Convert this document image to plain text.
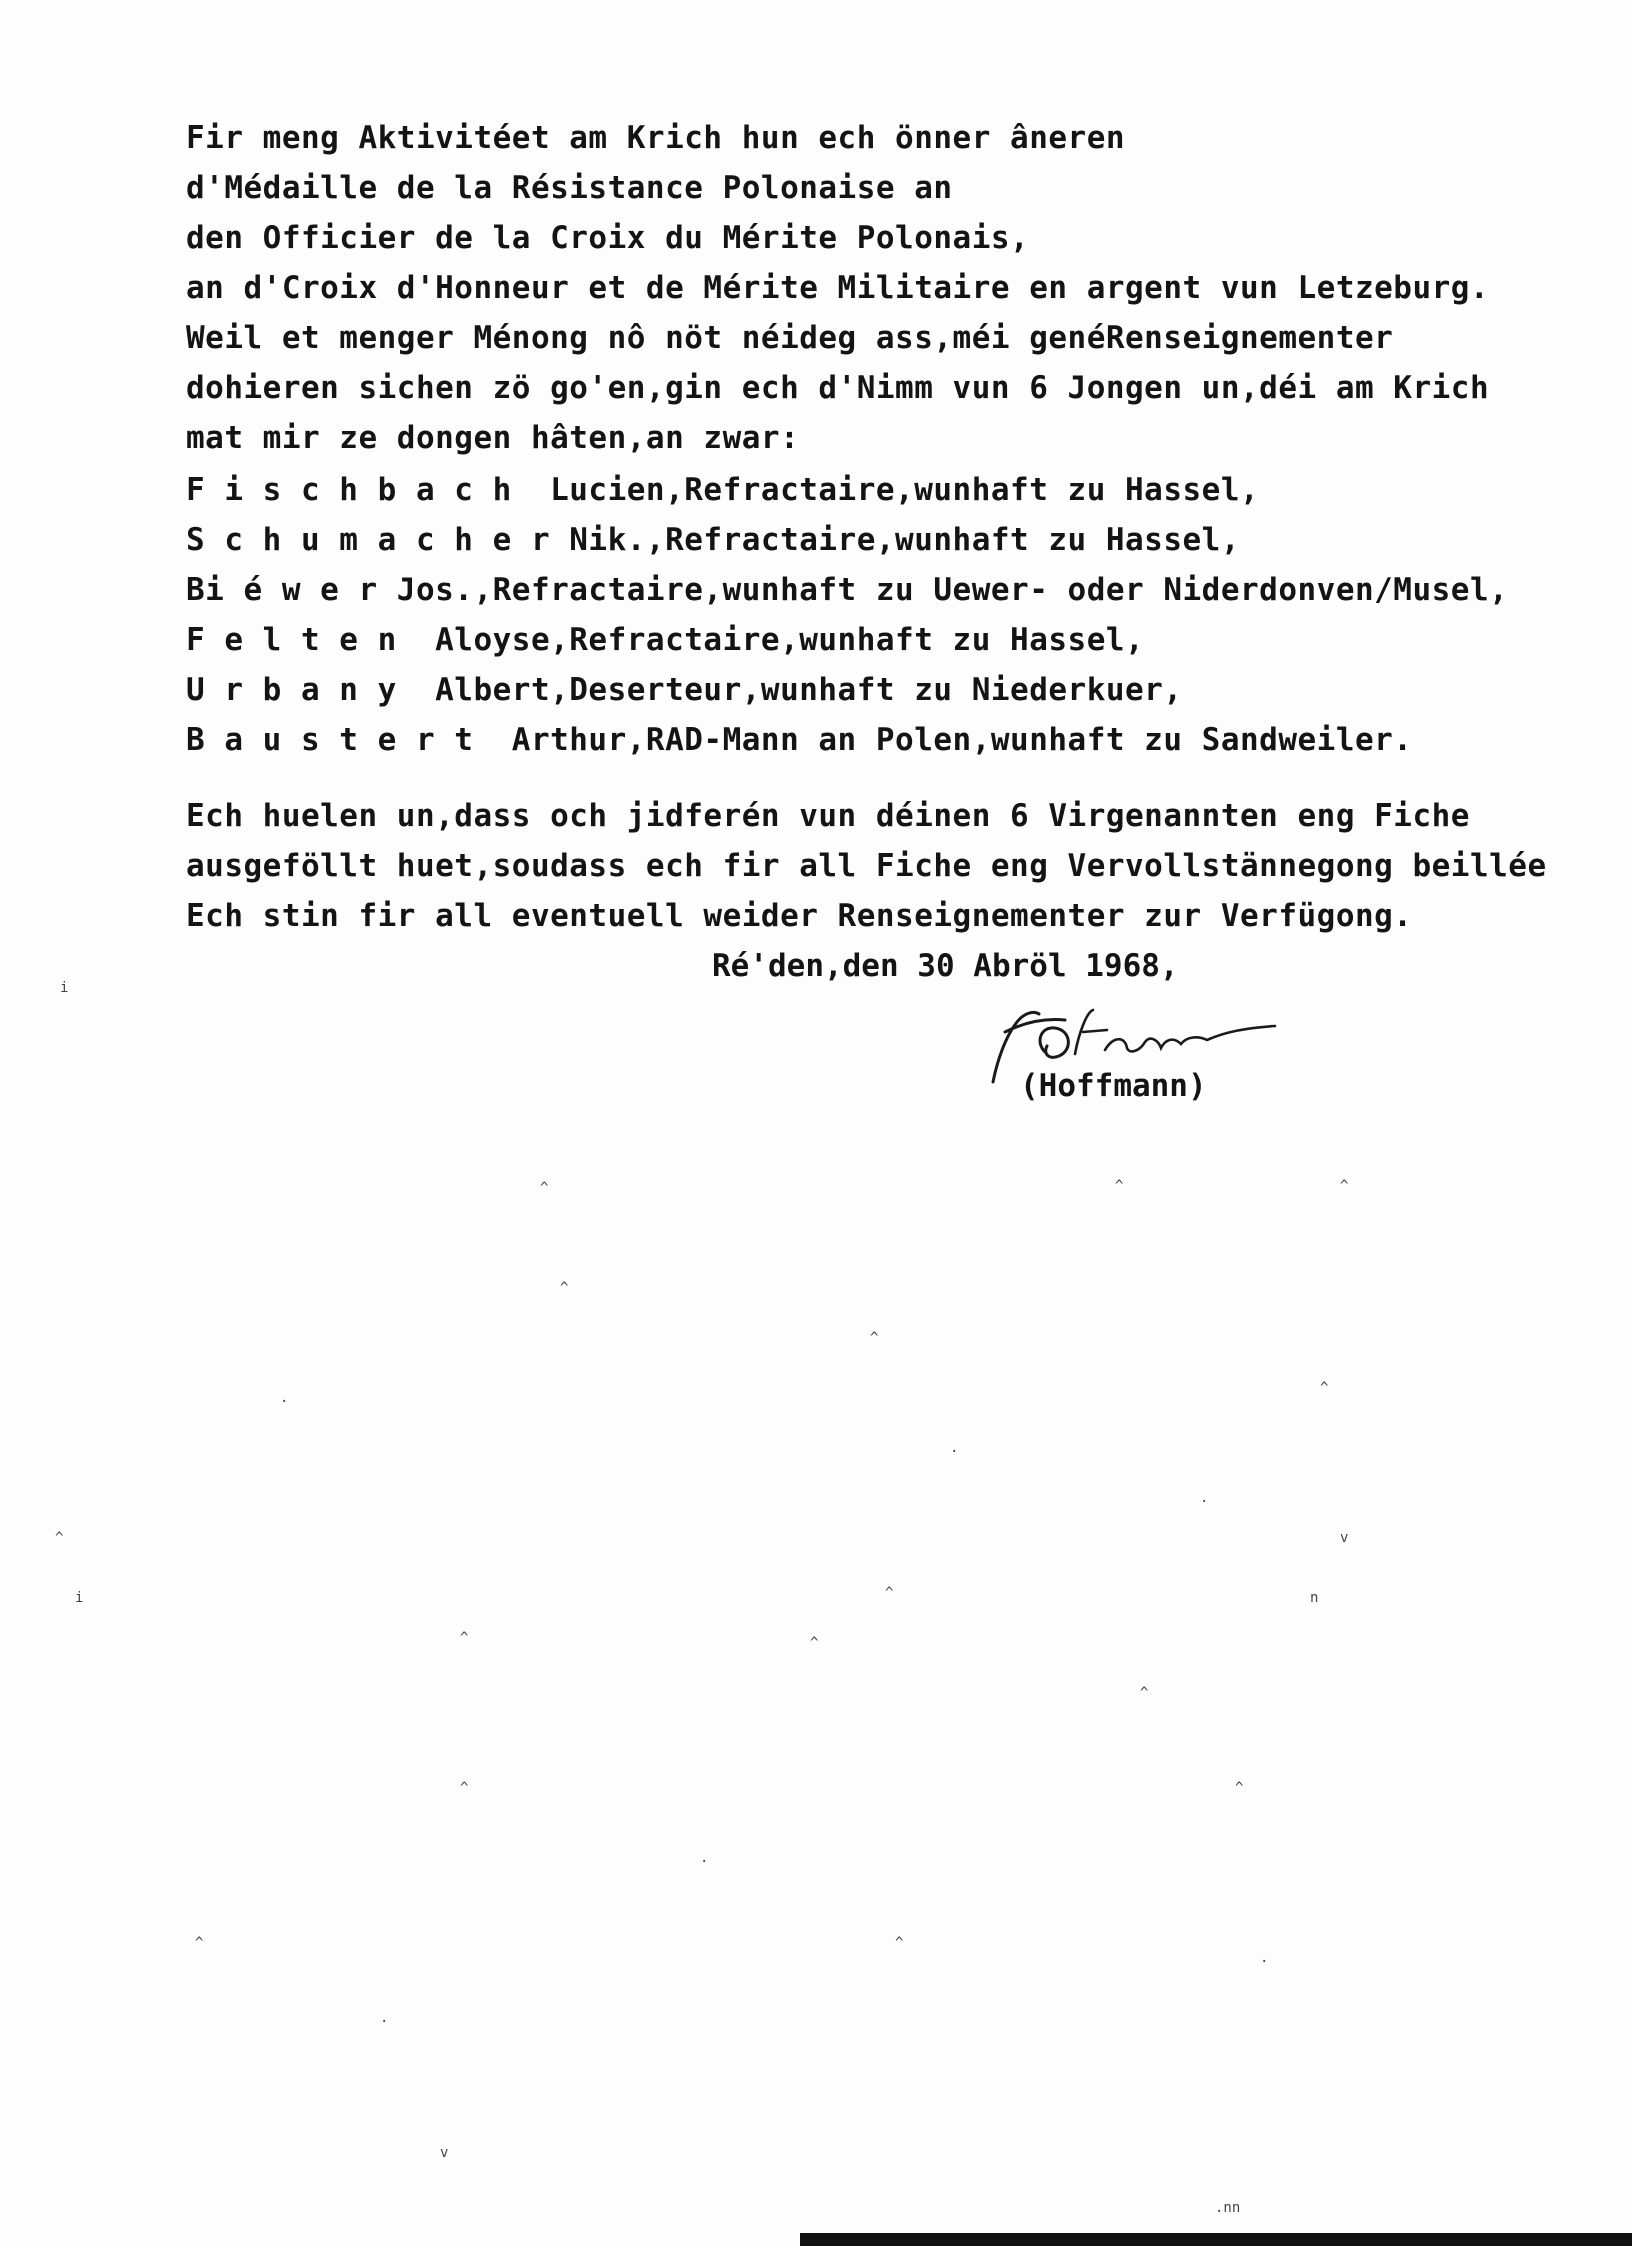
Fir meng Aktivitéet am Krich hun ech önner âneren
d'Médaille de la Résistance Polonaise an
den Officier de la Croix du Mérite Polonais,
an d'Croix d'Honneur et de Mérite Militaire en argent vun Letzeburg.
Weil et menger Ménong nô nöt néideg ass,méi genéRenseignementer
dohieren sichen zö go'en,gin ech d'Nimm vun 6 Jongen un,déi am Krich
mat mir ze dongen hâten,an zwar:
F i s c h b a c h  Lucien,Refractaire,wunhaft zu Hassel,
S c h u m a c h e r Nik.,Refractaire,wunhaft zu Hassel,
Bi é w e r Jos.,Refractaire,wunhaft zu Uewer- oder Niderdonven/Musel,
F e l t e n  Aloyse,Refractaire,wunhaft zu Hassel,
U r b a n y  Albert,Deserteur,wunhaft zu Niederkuer,
B a u s t e r t  Arthur,RAD-Mann an Polen,wunhaft zu Sandweiler.
Ech huelen un,dass och jidferén vun déinen 6 Virgenannten eng Fiche
ausgeföllt huet,soudass ech fir all Fiche eng Vervollstännegong beillée
Ech stin fir all eventuell weider Renseignementer zur Verfügong.
Ré'den,den 30 Abröl 1968,
(Hoffmann)
^	^	^
^
^
^
^
^
^	^
^
^	^
^	^
v
v
.
.
.
.
.
.
i
i	n
.nn
